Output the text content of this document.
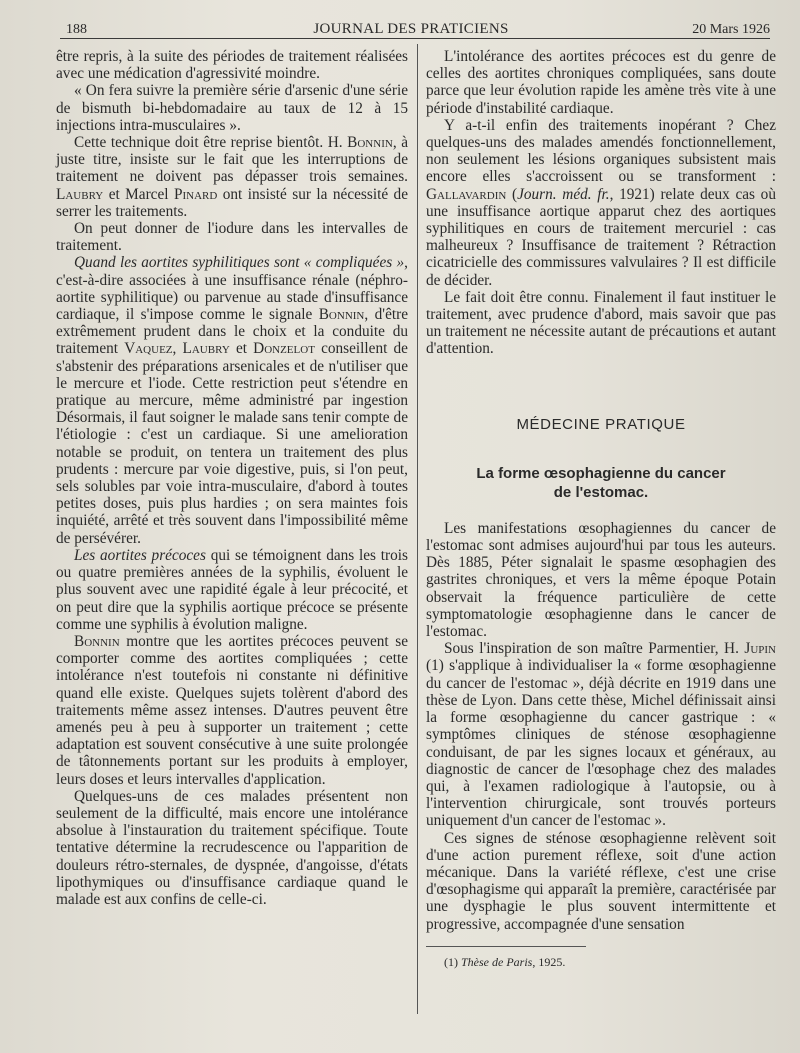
188	JOURNAL DES PRATICIENS	20 Mars 1926

être repris, à la suite des périodes de traitement réalisées avec une médication d'agressivité moindre.

« On fera suivre la première série d'arsenic d'une série de bismuth bi-hebdomadaire au taux de 12 à 15 injections intra-musculaires ».

Cette technique doit être reprise bientôt. H. Bonnin, à juste titre, insiste sur le fait que les interruptions de traitement ne doivent pas dépasser trois semaines. Laubry et Marcel Pinard ont insisté sur la nécessité de serrer les traitements.

On peut donner de l'iodure dans les intervalles de traitement.

Quand les aortites syphilitiques sont « compliquées », c'est-à-dire associées à une insuffisance rénale (néphro-aortite syphilitique) ou parvenue au stade d'insuffisance cardiaque, il s'impose comme le signale Bonnin, d'être extrêmement prudent dans le choix et la conduite du traitement Vaquez, Laubry et Donzelot conseillent de s'abstenir des préparations arsenicales et de n'utiliser que le mercure et l'iode. Cette restriction peut s'étendre en pratique au mercure, même administré par ingestion Désormais, il faut soigner le malade sans tenir compte de l'étiologie : c'est un cardiaque. Si une amelioration notable se produit, on tentera un traitement des plus prudents : mercure par voie digestive, puis, si l'on peut, sels solubles par voie intra-musculaire, d'abord à toutes petites doses, puis plus hardies ; on sera maintes fois inquiété, arrêté et très souvent dans l'impossibilité même de persévérer.

Les aortites précoces qui se témoignent dans les trois ou quatre premières années de la syphilis, évoluent le plus souvent avec une rapidité égale à leur précocité, et on peut dire que la syphilis aortique précoce se présente comme une syphilis à évolution maligne.

Bonnin montre que les aortites précoces peuvent se comporter comme des aortites compliquées ; cette intolérance n'est toutefois ni constante ni définitive quand elle existe. Quelques sujets tolèrent d'abord des traitements même assez intenses. D'autres peuvent être amenés peu à peu à supporter un traitement ; cette adaptation est souvent consécutive à une suite prolongée de tâtonnements portant sur les produits à employer, leurs doses et leurs intervalles d'application.

Quelques-uns de ces malades présentent non seulement de la difficulté, mais encore une intolérance absolue à l'instauration du traitement spécifique. Toute tentative détermine la recrudescence ou l'apparition de douleurs rétro-sternales, de dyspnée, d'angoisse, d'états lipothymiques ou d'insuffisance cardiaque quand le malade est aux confins de celle-ci.

L'intolérance des aortites précoces est du genre de celles des aortites chroniques compliquées, sans doute parce que leur évolution rapide les amène très vite à une période d'instabilité cardiaque.

Y a-t-il enfin des traitements inopérant ? Chez quelques-uns des malades amendés fonctionnellement, non seulement les lésions organiques subsistent mais encore elles s'accroissent ou se transforment : Gallavardin (Journ. méd. fr., 1921) relate deux cas où une insuffisance aortique apparut chez des aortiques syphilitiques en cours de traitement mercuriel : cas malheureux ? Insuffisance de traitement ? Rétraction cicatricielle des commissures valvulaires ? Il est difficile de décider.

Le fait doit être connu. Finalement il faut instituer le traitement, avec prudence d'abord, mais savoir que pas un traitement ne nécessite autant de précautions et autant d'attention.

MÉDECINE PRATIQUE

La forme œsophagienne du cancer
de l'estomac.

Les manifestations œsophagiennes du cancer de l'estomac sont admises aujourd'hui par tous les auteurs. Dès 1885, Péter signalait le spasme œsophagien des gastrites chroniques, et vers la même époque Potain observait la fréquence particulière de cette symptomatologie œsophagienne dans le cancer de l'estomac.

Sous l'inspiration de son maître Parmentier, H. Jupin (1) s'applique à individualiser la « forme œsophagienne du cancer de l'estomac », déjà décrite en 1919 dans une thèse de Lyon. Dans cette thèse, Michel définissait ainsi la forme œsophagienne du cancer gastrique : « symptômes cliniques de sténose œsophagienne conduisant, de par les signes locaux et généraux, au diagnostic de cancer de l'œsophage chez des malades qui, à l'examen radiologique à l'autopsie, ou à l'intervention chirurgicale, sont trouvés porteurs uniquement d'un cancer de l'estomac ».

Ces signes de sténose œsophagienne relèvent soit d'une action purement réflexe, soit d'une action mécanique. Dans la variété réflexe, c'est une crise d'œsophagisme qui apparaît la première, caractérisée par une dysphagie le plus souvent intermittente et progressive, accompagnée d'une sensation

(1) Thèse de Paris, 1925.
